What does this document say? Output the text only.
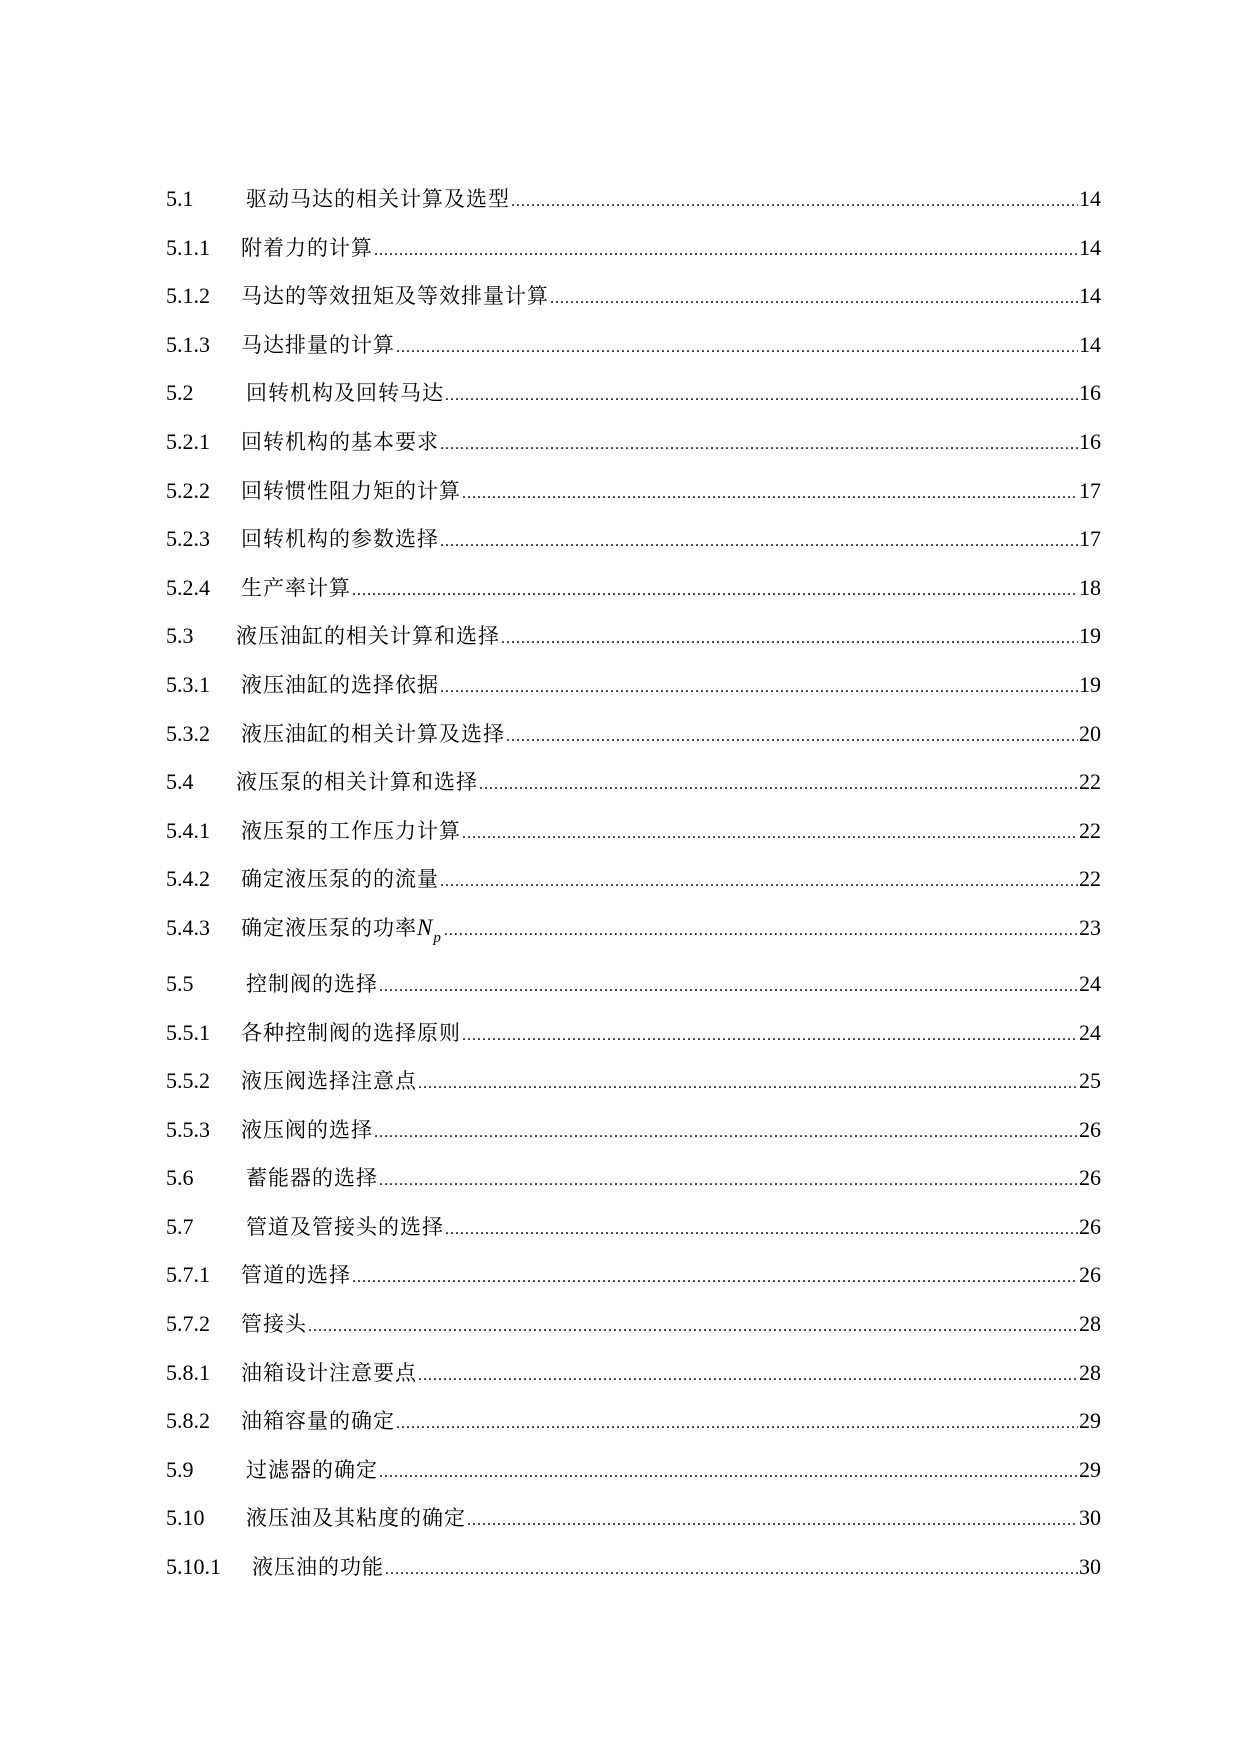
5.1	驱动马达的相关计算及选型 .....	14
5.1.1	附着力的计算 .....	14
5.1.2	马达的等效扭矩及等效排量计算 .....	14
5.1.3	马达排量的计算 .....	14
5.2	回转机构及回转马达 .....	16
5.2.1	回转机构的基本要求 .....	16
5.2.2	回转惯性阻力矩的计算 .....	17
5.2.3	回转机构的参数选择 .....	17
5.2.4	生产率计算 .....	18
5.3	液压油缸的相关计算和选择 .....	19
5.3.1	液压油缸的选择依据 .....	19
5.3.2	液压油缸的相关计算及选择 .....	20
5.4	液压泵的相关计算和选择 .....	22
5.4.1	液压泵的工作压力计算 .....	22
5.4.2	确定液压泵的的流量 .....	22
5.4.3	确定液压泵的功率 N p .....	23
5.5	控制阀的选择 .....	24
5.5.1	各种控制阀的选择原则 .....	24
5.5.2	液压阀选择注意点 .....	25
5.5.3	液压阀的选择 .....	26
5.6	蓄能器的选择 .....	26
5.7	管道及管接头的选择 .....	26
5.7.1	管道的选择 .....	26
5.7.2	管接头 .....	28
5.8.1	油箱设计注意要点 .....	28
5.8.2	油箱容量的确定 .....	29
5.9	过滤器的确定 .....	29
5.10	液压油及其粘度的确定 .....	30
5.10.1	液压油的功能 .....	30
